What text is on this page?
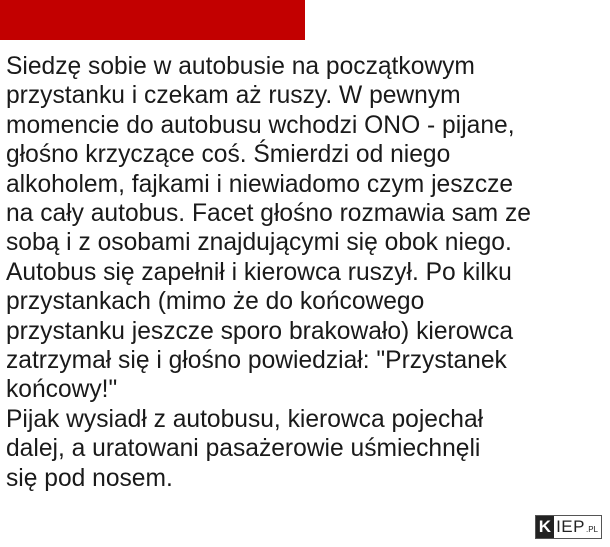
Siedzę sobie w autobusie na początkowym
przystanku i czekam aż ruszy. W pewnym
momencie do autobusu wchodzi ONO - pijane,
głośno krzyczące coś. Śmierdzi od niego
alkoholem, fajkami i niewiadomo czym jeszcze
na cały autobus. Facet głośno rozmawia sam ze
sobą i z osobami znajdującymi się obok niego.
Autobus się zapełnił i kierowca ruszył. Po kilku
przystankach (mimo że do końcowego
przystanku jeszcze sporo brakowało) kierowca
zatrzymał się i głośno powiedział: "Przystanek
końcowy!"
Pijak wysiadł z autobusu, kierowca pojechał
dalej, a uratowani pasażerowie uśmiechnęli
się pod nosem.
K IEP .PL
